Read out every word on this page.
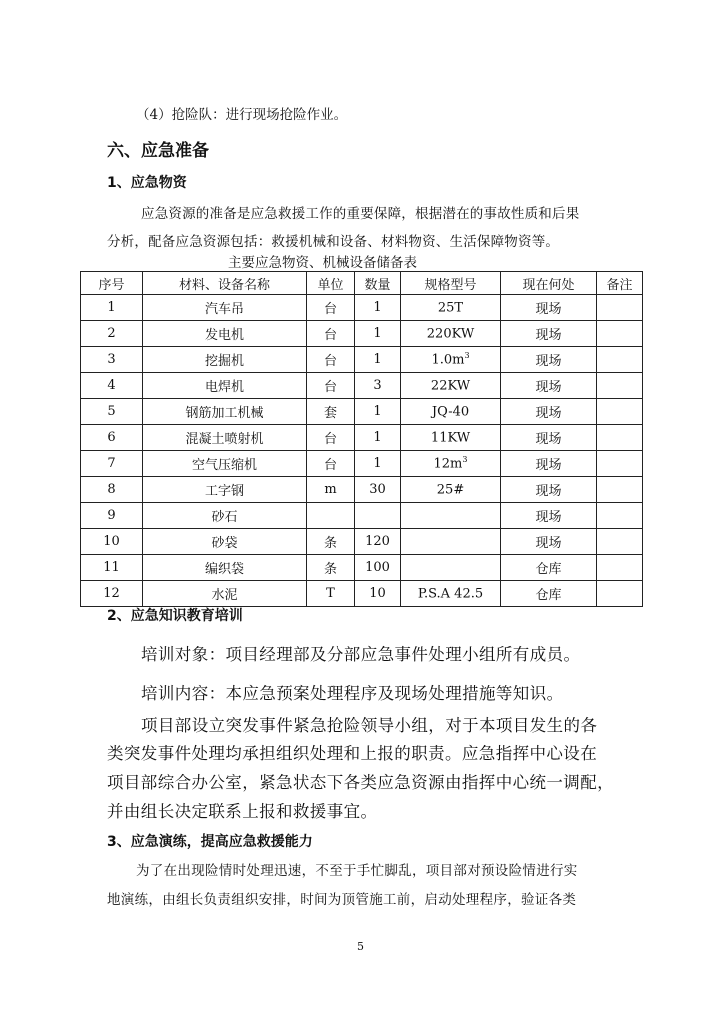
（4）抢险队：进行现场抢险作业。
六、应急准备
1、应急物资
应急资源的准备是应急救援工作的重要保障，根据潜在的事故性质和后果
分析，配备应急资源包括：救援机械和设备、材料物资、生活保障物资等。
主要应急物资、机械设备储备表
序号	材料、设备名称	单位	数量	规格型号	现在何处	备注
1	汽车吊	台	1	25T	现场	
2	发电机	台	1	220KW	现场	
3	挖掘机	台	1	$1.0m^3$	现场	
4	电焊机	台	3	22KW	现场	
5	钢筋加工机械	套	1	JQ-40	现场	
6	混凝土喷射机	台	1	11KW	现场	
7	空气压缩机	台	1	$12m^3$	现场	
8	工字钢	m	30	25#	现场	
9	砂石				现场	
10	砂袋	条	120		现场	
11	编织袋	条	100		仓库	
12	水泥	T	10	P.S.A 42.5	仓库	
2、应急知识教育培训
培训对象：项目经理部及分部应急事件处理小组所有成员。
培训内容：本应急预案处理程序及现场处理措施等知识。
项目部设立突发事件紧急抢险领导小组，对于本项目发生的各
类突发事件处理均承担组织处理和上报的职责。应急指挥中心设在
项目部综合办公室，紧急状态下各类应急资源由指挥中心统一调配，
并由组长决定联系上报和救援事宜。
3、应急演练，提高应急救援能力
为了在出现险情时处理迅速，不至于手忙脚乱，项目部对预设险情进行实
地演练，由组长负责组织安排，时间为顶管施工前，启动处理程序，验证各类
5
